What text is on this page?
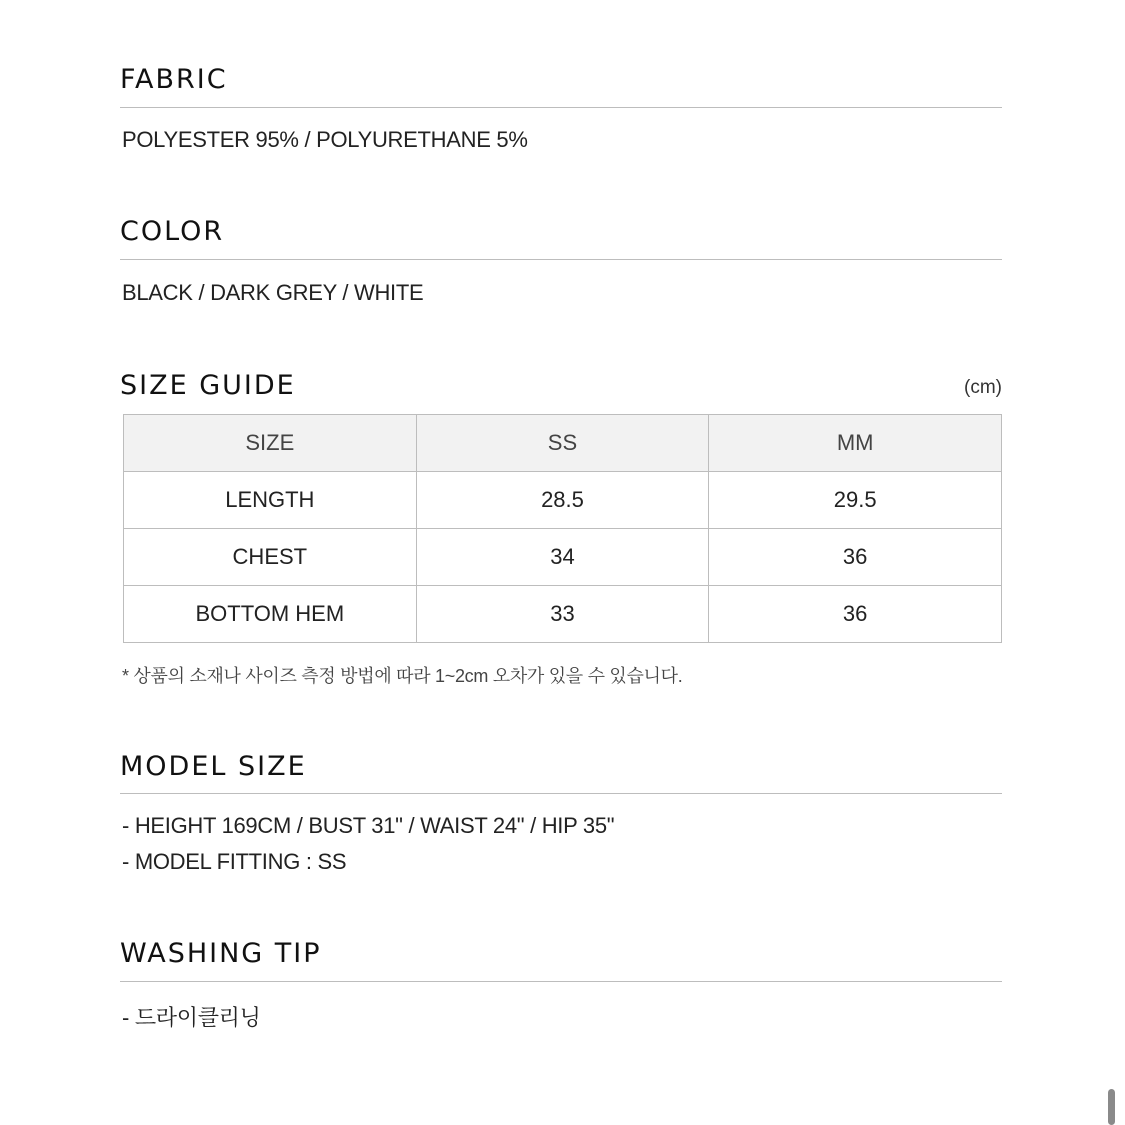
FABRIC
POLYESTER 95% / POLYURETHANE 5%
COLOR
BLACK / DARK GREY / WHITE
SIZE GUIDE	(cm)
SIZE	SS	MM
LENGTH	28.5	29.5
CHEST	34	36
BOTTOM HEM	33	36
* 상품의 소재나 사이즈 측정 방법에 따라 1~2cm 오차가 있을 수 있습니다.
MODEL SIZE
- HEIGHT 169CM / BUST 31" / WAIST 24" / HIP 35"
- MODEL FITTING : SS
WASHING TIP
- 드라이클리닝
